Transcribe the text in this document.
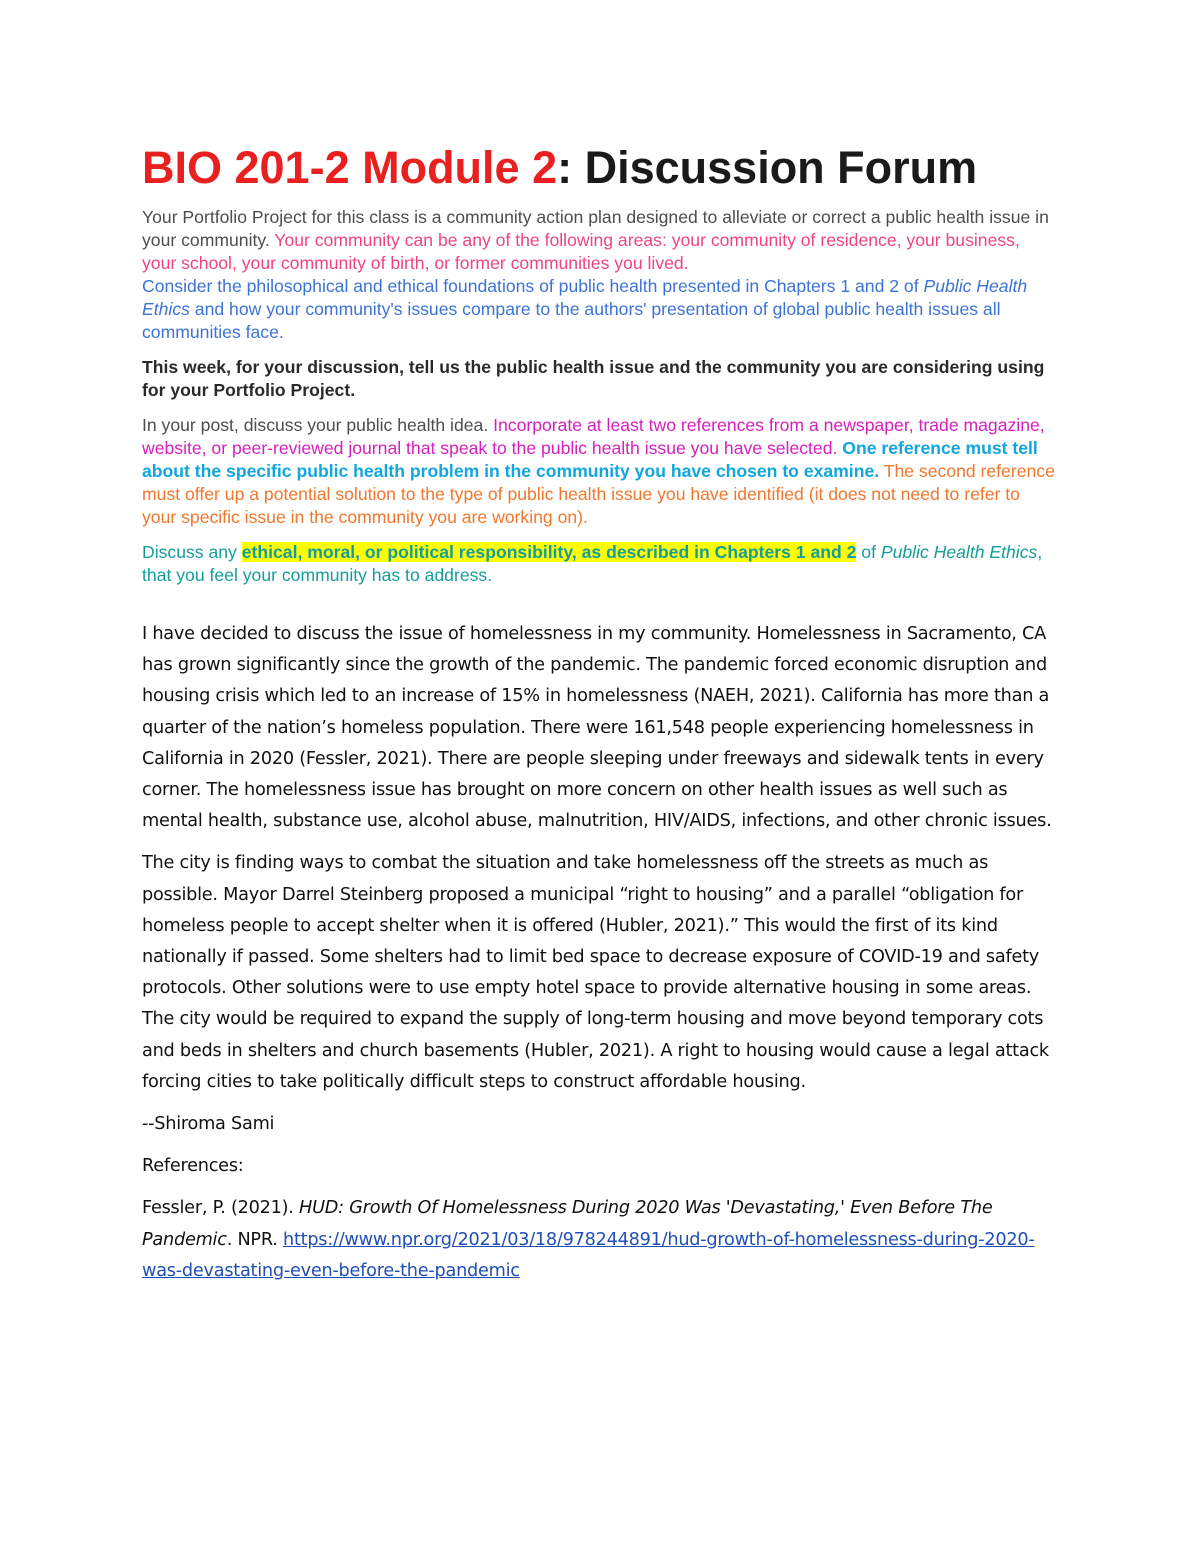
BIO 201-2 Module 2: Discussion Forum

Your Portfolio Project for this class is a community action plan designed to alleviate or correct a public health issue in your community. Your community can be any of the following areas: your community of residence, your business, your school, your community of birth, or former communities you lived.
Consider the philosophical and ethical foundations of public health presented in Chapters 1 and 2 of Public Health Ethics and how your community's issues compare to the authors' presentation of global public health issues all communities face.

This week, for your discussion, tell us the public health issue and the community you are considering using for your Portfolio Project.

In your post, discuss your public health idea. Incorporate at least two references from a newspaper, trade magazine, website, or peer-reviewed journal that speak to the public health issue you have selected. One reference must tell about the specific public health problem in the community you have chosen to examine. The second reference must offer up a potential solution to the type of public health issue you have identified (it does not need to refer to your specific issue in the community you are working on).

Discuss any ethical, moral, or political responsibility, as described in Chapters 1 and 2 of Public Health Ethics, that you feel your community has to address.

I have decided to discuss the issue of homelessness in my community. Homelessness in Sacramento, CA has grown significantly since the growth of the pandemic. The pandemic forced economic disruption and housing crisis which led to an increase of 15% in homelessness (NAEH, 2021). California has more than a quarter of the nation’s homeless population. There were 161,548 people experiencing homelessness in California in 2020 (Fessler, 2021). There are people sleeping under freeways and sidewalk tents in every corner. The homelessness issue has brought on more concern on other health issues as well such as mental health, substance use, alcohol abuse, malnutrition, HIV/AIDS, infections, and other chronic issues.

The city is finding ways to combat the situation and take homelessness off the streets as much as possible. Mayor Darrel Steinberg proposed a municipal “right to housing” and a parallel “obligation for homeless people to accept shelter when it is offered (Hubler, 2021).” This would the first of its kind nationally if passed. Some shelters had to limit bed space to decrease exposure of COVID-19 and safety protocols. Other solutions were to use empty hotel space to provide alternative housing in some areas. The city would be required to expand the supply of long-term housing and move beyond temporary cots and beds in shelters and church basements (Hubler, 2021). A right to housing would cause a legal attack forcing cities to take politically difficult steps to construct affordable housing.

--Shiroma Sami

References:

Fessler, P. (2021). HUD: Growth Of Homelessness During 2020 Was 'Devastating,' Even Before The Pandemic. NPR. https://www.npr.org/2021/03/18/978244891/hud-growth-of-homelessness-during-2020-was-devastating-even-before-the-pandemic
